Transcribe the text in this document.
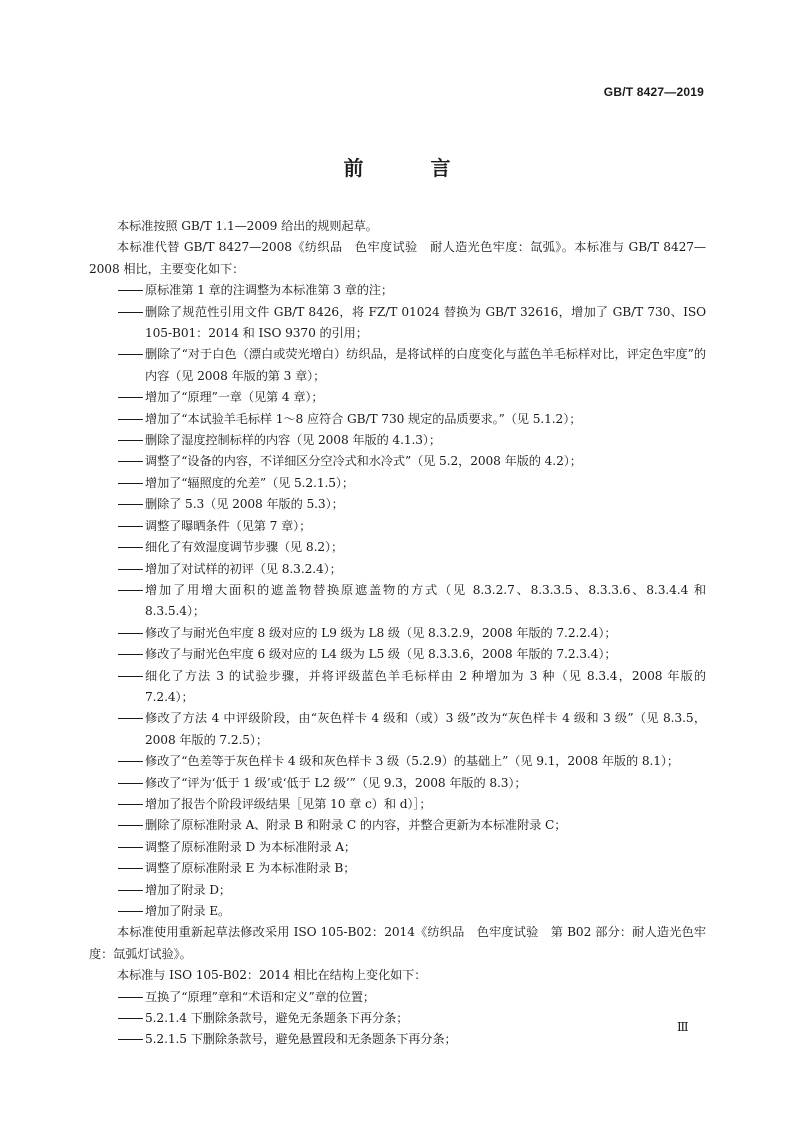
GB/T 8427—2019
前 言

本标准按照 GB/T 1.1—2009 给出的规则起草。

本标准代替 GB/T 8427—2008《纺织品　色牢度试验　耐人造光色牢度：氙弧》。本标准与 GB/T 8427—2008 相比，主要变化如下：

原标准第 1 章的注调整为本标准第 3 章的注；

删除了规范性引用文件 GB/T 8426，将 FZ/T 01024 替换为 GB/T 32616，增加了 GB/T 730、ISO 105-B01：2014 和 ISO 9370 的引用；

删除了“对于白色（漂白或荧光增白）纺织品，是将试样的白度变化与蓝色羊毛标样对比，评定色牢度”的内容（见 2008 年版的第 3 章）；

增加了“原理”一章（见第 4 章）；

增加了“本试验羊毛标样 1～8 应符合 GB/T 730 规定的品质要求。”（见 5.1.2）；

删除了湿度控制标样的内容（见 2008 年版的 4.1.3）；

调整了“设备的内容，不详细区分空冷式和水冷式”（见 5.2，2008 年版的 4.2）；

增加了“辐照度的允差”（见 5.2.1.5）；

删除了 5.3（见 2008 年版的 5.3）；

调整了曝晒条件（见第 7 章）；

细化了有效湿度调节步骤（见 8.2）；

增加了对试样的初评（见 8.3.2.4）；

增加了用增大面积的遮盖物替换原遮盖物的方式（见 8.3.2.7、8.3.3.5、8.3.3.6、8.3.4.4 和 8.3.5.4）；

修改了与耐光色牢度 8 级对应的 L9 级为 L8 级（见 8.3.2.9，2008 年版的 7.2.2.4）；

修改了与耐光色牢度 6 级对应的 L4 级为 L5 级（见 8.3.3.6，2008 年版的 7.2.3.4）；

细化了方法 3 的试验步骤，并将评级蓝色羊毛标样由 2 种增加为 3 种（见 8.3.4，2008 年版的 7.2.4）；

修改了方法 4 中评级阶段，由“灰色样卡 4 级和（或）3 级”改为“灰色样卡 4 级和 3 级”（见 8.3.5，2008 年版的 7.2.5）；

修改了“色差等于灰色样卡 4 级和灰色样卡 3 级（5.2.9）的基础上”（见 9.1，2008 年版的 8.1）；

修改了“评为‘低于 1 级’或‘低于 L2 级’”（见 9.3，2008 年版的 8.3）；

增加了报告个阶段评级结果［见第 10 章 c）和 d）］；

删除了原标准附录 A、附录 B 和附录 C 的内容，并整合更新为本标准附录 C；

调整了原标准附录 D 为本标准附录 A；

调整了原标准附录 E 为本标准附录 B；

增加了附录 D；

增加了附录 E。

本标准使用重新起草法修改采用 ISO 105-B02：2014《纺织品　色牢度试验　第 B02 部分：耐人造光色牢度：氙弧灯试验》。

本标准与 ISO 105-B02：2014 相比在结构上变化如下：

互换了“原理”章和“术语和定义”章的位置；

5.2.1.4 下删除条款号，避免无条题条下再分条；

5.2.1.5 下删除条款号，避免悬置段和无条题条下再分条；

Ⅲ
